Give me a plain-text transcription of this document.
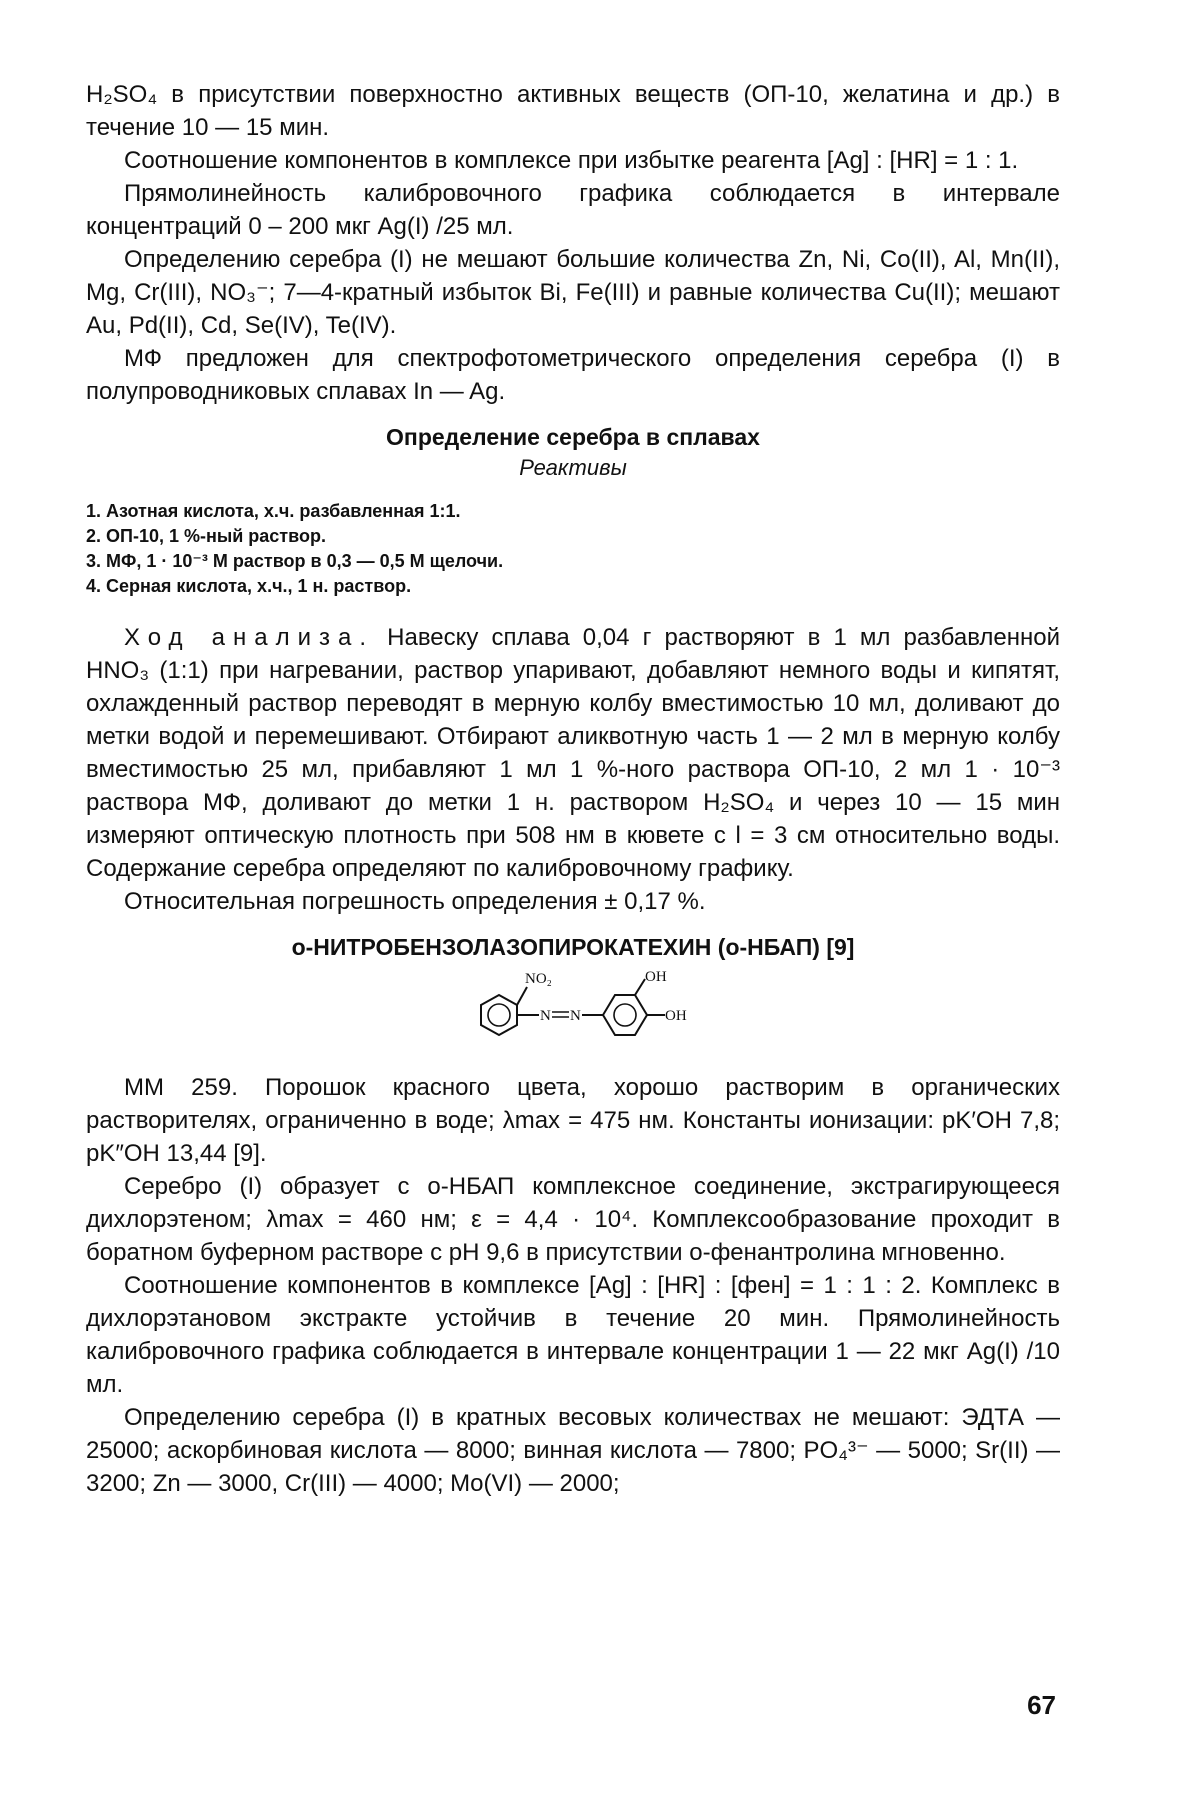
H₂SO₄ в присутствии поверхностно активных веществ (ОП-10, желатина и др.) в течение 10 — 15 мин.

Соотношение компонентов в комплексе при избытке реагента [Ag] : [HR] = 1 : 1.

Прямолинейность калибровочного графика соблюдается в интервале концентраций 0 – 200 мкг Ag(I) /25 мл.

Определению серебра (I) не мешают большие количества Zn, Ni, Co(II), Al, Mn(II), Mg, Cr(III), NO₃⁻; 7—4-кратный избыток Bi, Fe(III) и равные количества Cu(II); мешают Au, Pd(II), Cd, Se(IV), Te(IV).

МФ предложен для спектрофотометрического определения серебра (I) в полупроводниковых сплавах In — Ag.

Определение серебра в сплавах
Реактивы
1. Азотная кислота, х.ч. разбавленная 1:1.
2. ОП-10, 1 %-ный раствор.
3. МФ, 1 · 10⁻³ М раствор в 0,3 — 0,5 М щелочи.
4. Серная кислота, х.ч., 1 н. раствор.

Ход анализа. Навеску сплава 0,04 г растворяют в 1 мл разбавленной HNO₃ (1:1) при нагревании, раствор упаривают, добавляют немного воды и кипятят, охлажденный раствор переводят в мерную колбу вместимостью 10 мл, доливают до метки водой и перемешивают. Отбирают аликвотную часть 1 — 2 мл в мерную колбу вместимостью 25 мл, прибавляют 1 мл 1 %-ного раствора ОП-10, 2 мл 1 · 10⁻³ раствора МФ, доливают до метки 1 н. раствором H₂SO₄ и через 10 — 15 мин измеряют оптическую плотность при 508 нм в кювете с l = 3 см относительно воды. Содержание серебра определяют по калибровочному графику.

Относительная погрешность определения ± 0,17 %.

о-НИТРОБЕНЗОЛАЗОПИРОКАТЕХИН (о-НБАП) [9]
NO₂
N N
OH
OH

ММ 259. Порошок красного цвета, хорошо растворим в органических растворителях, ограниченно в воде; λmax = 475 нм. Константы ионизации: pK′OH 7,8; pK″OH 13,44 [9].

Серебро (I) образует с о-НБАП комплексное соединение, экстрагирующееся дихлорэтеном; λmax = 460 нм; ε = 4,4 · 10⁴. Комплексообразование проходит в боратном буферном растворе с pH 9,6 в присутствии о-фенантролина мгновенно.

Соотношение компонентов в комплексе [Ag] : [HR] : [фен] = 1 : 1 : 2. Комплекс в дихлорэтановом экстракте устойчив в течение 20 мин. Прямолинейность калибровочного графика соблюдается в интервале концентрации 1 — 22 мкг Ag(I) /10 мл.

Определению серебра (I) в кратных весовых количествах не мешают: ЭДТА — 25000; аскорбиновая кислота — 8000; винная кислота — 7800; PO₄³⁻ — 5000; Sr(II) — 3200; Zn — 3000, Cr(III) — 4000; Mo(VI) — 2000;

67
